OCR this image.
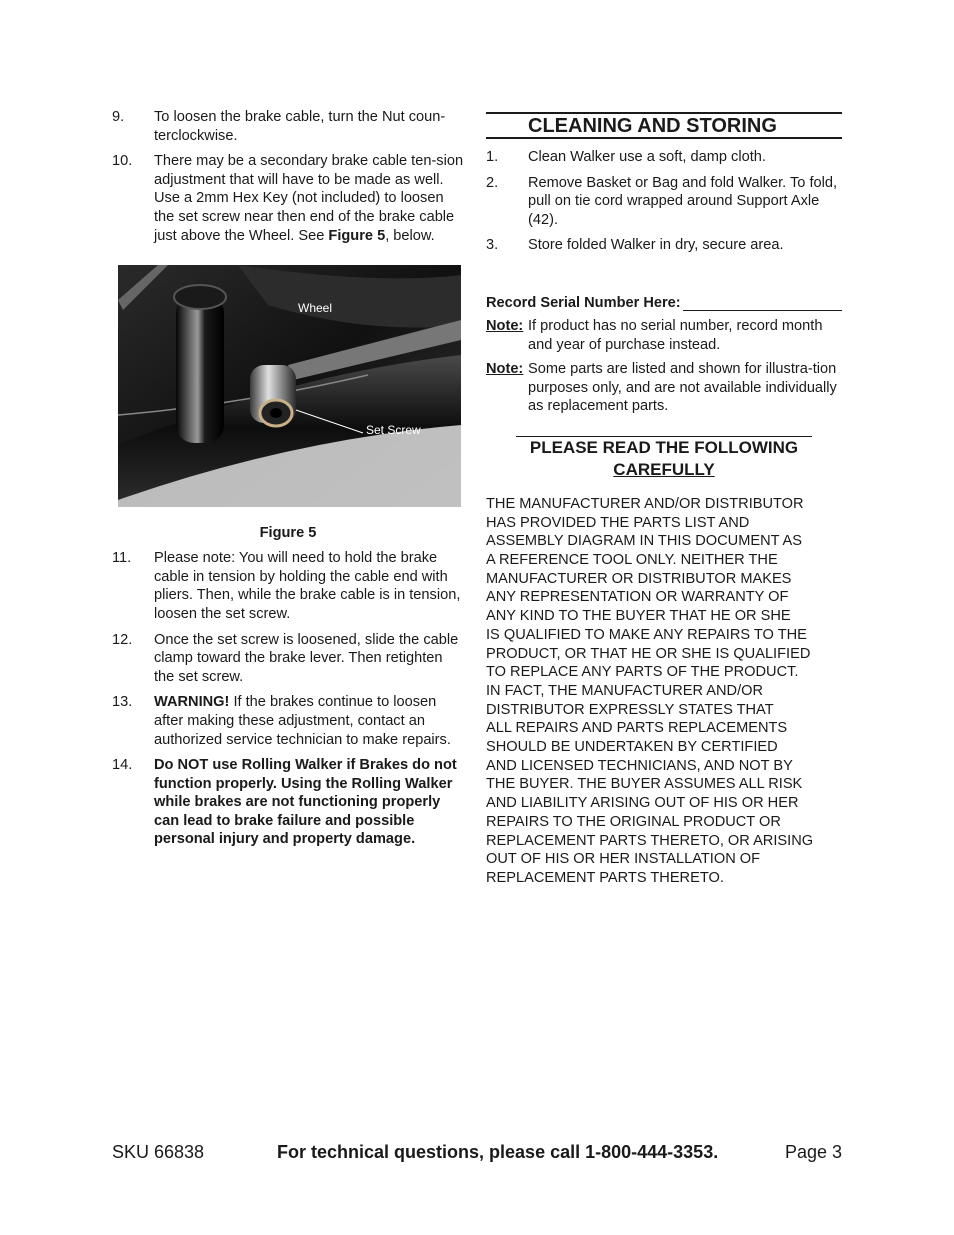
9. To loosen the brake cable, turn the Nut coun-terclockwise.
10. There may be a secondary brake cable ten-sion adjustment that will have to be made as well. Use a 2mm Hex Key (not included) to loosen the set screw near then end of the brake cable just above the Wheel. See Figure 5, below.
Wheel
Set Screw
Figure 5
11. Please note: You will need to hold the brake cable in tension by holding the cable end with pliers. Then, while the brake cable is in tension, loosen the set screw.
12. Once the set screw is loosened, slide the cable clamp toward the brake lever. Then retighten the set screw.
13. WARNING! If the brakes continue to loosen after making these adjustment, contact an authorized service technician to make repairs.
14. Do NOT use Rolling Walker if Brakes do not function properly. Using the Rolling Walker while brakes are not functioning properly can lead to brake failure and possible personal injury and property damage.
CLEANING AND STORING
1. Clean Walker use a soft, damp cloth.
2. Remove Basket or Bag and fold Walker. To fold, pull on tie cord wrapped around Support Axle (42).
3. Store folded Walker in dry, secure area.
Record Serial Number Here:
Note: If product has no serial number, record month and year of purchase instead.
Note: Some parts are listed and shown for illustra-tion purposes only, and are not available individually as replacement parts.
PLEASE READ THE FOLLOWING
CAREFULLY
THE MANUFACTURER AND/OR DISTRIBUTOR
HAS PROVIDED THE PARTS LIST AND
ASSEMBLY DIAGRAM IN THIS DOCUMENT AS
A REFERENCE TOOL ONLY. NEITHER THE
MANUFACTURER OR DISTRIBUTOR MAKES
ANY REPRESENTATION OR WARRANTY OF
ANY KIND TO THE BUYER THAT HE OR SHE
IS QUALIFIED TO MAKE ANY REPAIRS TO THE
PRODUCT, OR THAT HE OR SHE IS QUALIFIED
TO REPLACE ANY PARTS OF THE PRODUCT.
IN FACT, THE MANUFACTURER AND/OR
DISTRIBUTOR EXPRESSLY STATES THAT
ALL REPAIRS AND PARTS REPLACEMENTS
SHOULD BE UNDERTAKEN BY CERTIFIED
AND LICENSED TECHNICIANS, AND NOT BY
THE BUYER. THE BUYER ASSUMES ALL RISK
AND LIABILITY ARISING OUT OF HIS OR HER
REPAIRS TO THE ORIGINAL PRODUCT OR
REPLACEMENT PARTS THERETO, OR ARISING
OUT OF HIS OR HER INSTALLATION OF
REPLACEMENT PARTS THERETO.
SKU 66838	For technical questions, please call 1-800-444-3353.	Page 3
